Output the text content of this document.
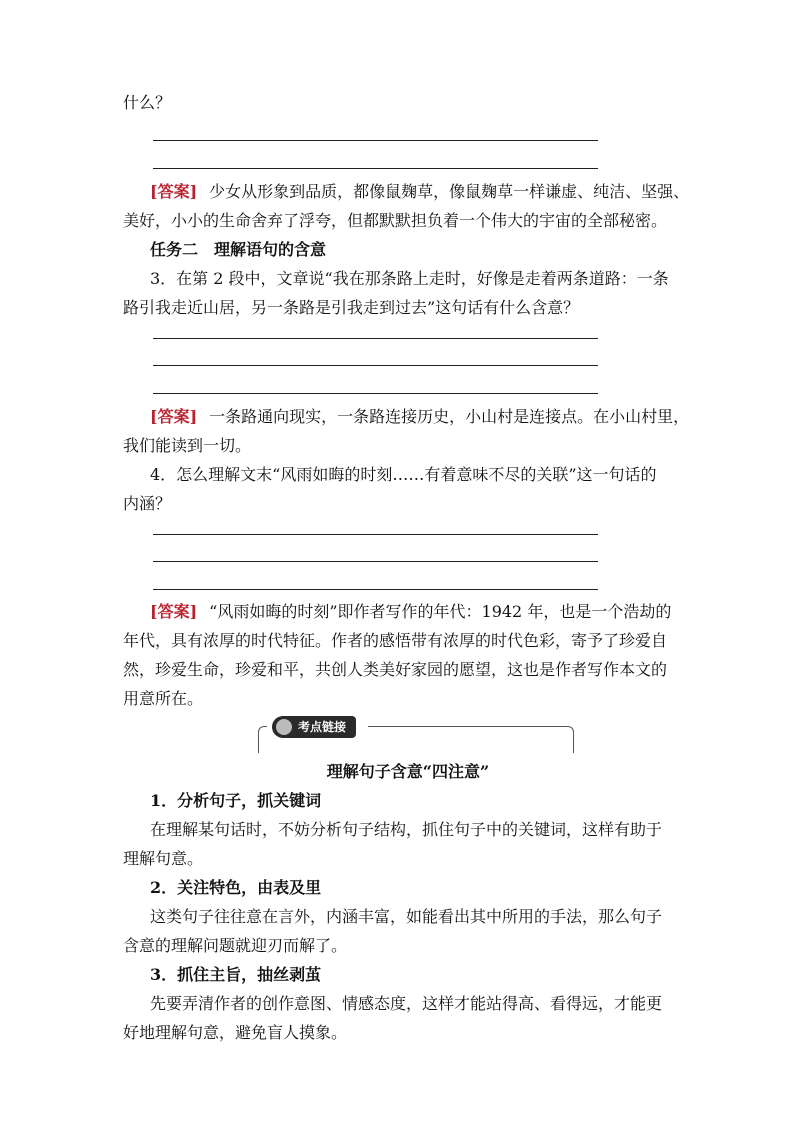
什么？
[答案] 少女从形象到品质，都像鼠麹草，像鼠麹草一样谦虚、纯洁、坚强、
美好，小小的生命舍弃了浮夸，但都默默担负着一个伟大的宇宙的全部秘密。
任务二　理解语句的含意
3．在第 2 段中，文章说“我在那条路上走时，好像是走着两条道路：一条
路引我走近山居，另一条路是引我走到过去”这句话有什么含意？
[答案] 一条路通向现实，一条路连接历史，小山村是连接点。在小山村里，
我们能读到一切。
4．怎么理解文末“风雨如晦的时刻……有着意味不尽的关联”这一句话的
内涵？
[答案] “风雨如晦的时刻”即作者写作的年代：1942 年，也是一个浩劫的
年代，具有浓厚的时代特征。作者的感悟带有浓厚的时代色彩，寄予了珍爱自
然，珍爱生命，珍爱和平，共创人类美好家园的愿望，这也是作者写作本文的
用意所在。
考点链接
理解句子含意“四注意”
1．分析句子，抓关键词
在理解某句话时，不妨分析句子结构，抓住句子中的关键词，这样有助于
理解句意。
2．关注特色，由表及里
这类句子往往意在言外，内涵丰富，如能看出其中所用的手法，那么句子
含意的理解问题就迎刃而解了。
3．抓住主旨，抽丝剥茧
先要弄清作者的创作意图、情感态度，这样才能站得高、看得远，才能更
好地理解句意，避免盲人摸象。
